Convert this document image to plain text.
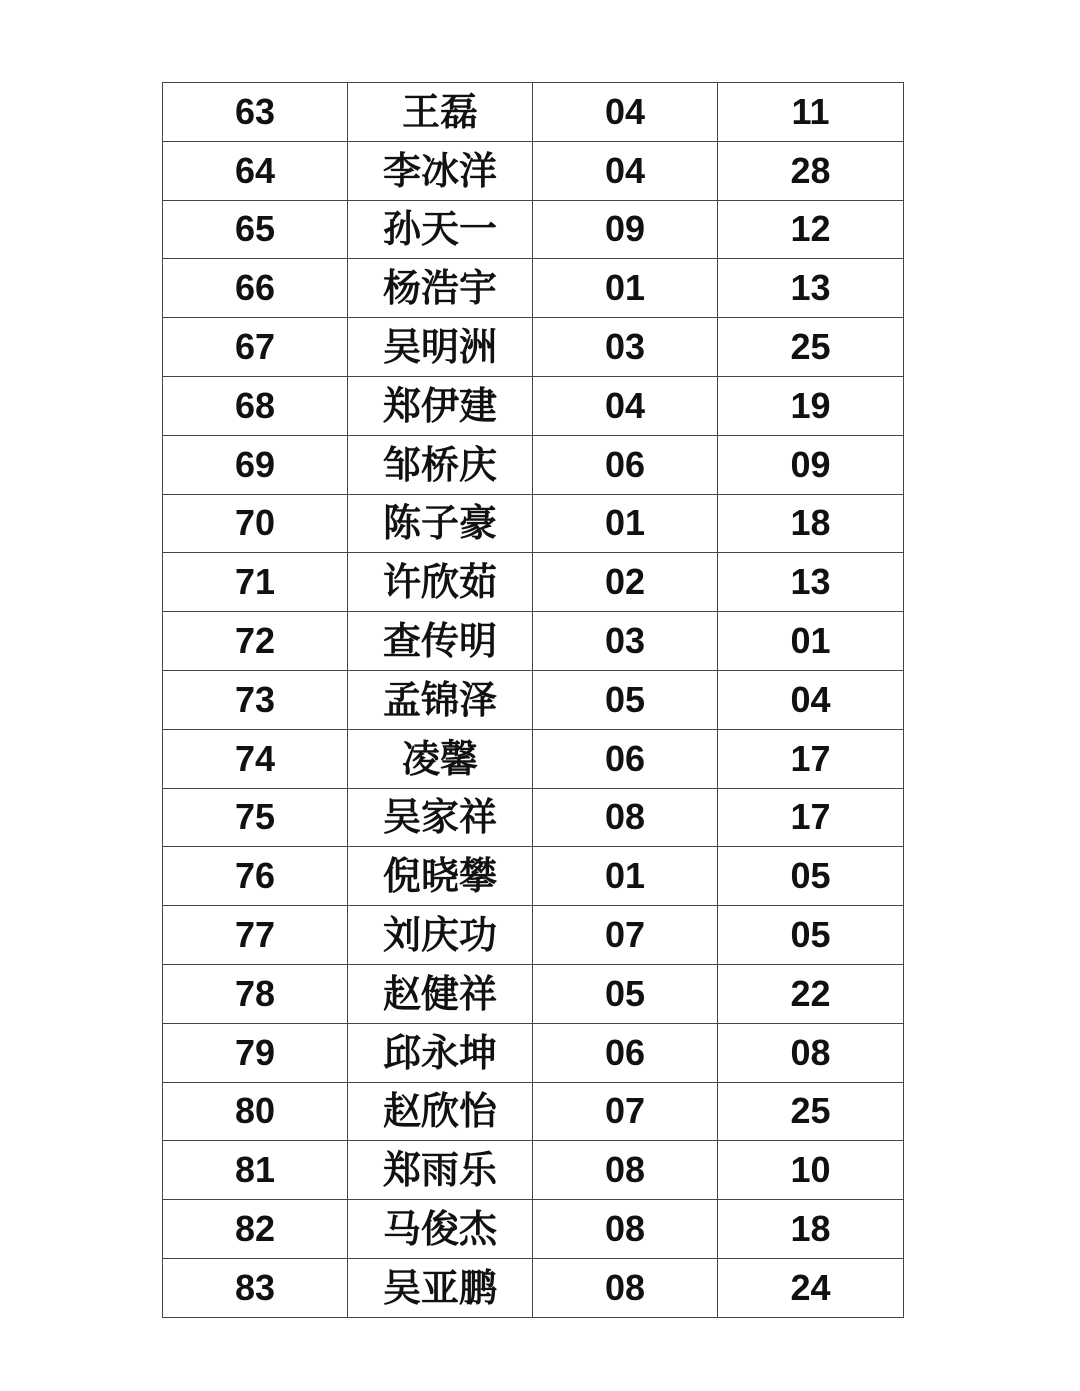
63	王磊	04	11
64	李冰洋	04	28
65	孙天一	09	12
66	杨浩宇	01	13
67	吴明洲	03	25
68	郑伊建	04	19
69	邹桥庆	06	09
70	陈子豪	01	18
71	许欣茹	02	13
72	查传明	03	01
73	孟锦泽	05	04
74	凌馨	06	17
75	吴家祥	08	17
76	倪晓攀	01	05
77	刘庆功	07	05
78	赵健祥	05	22
79	邱永坤	06	08
80	赵欣怡	07	25
81	郑雨乐	08	10
82	马俊杰	08	18
83	吴亚鹏	08	24
